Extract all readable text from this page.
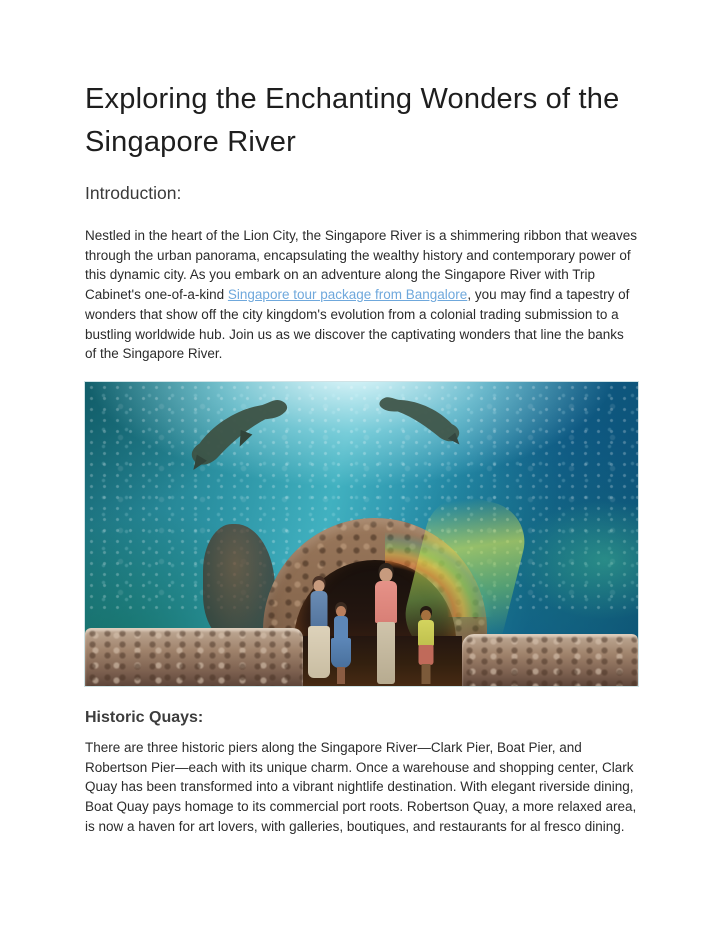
Exploring the Enchanting Wonders of the Singapore River
Introduction:

Nestled in the heart of the Lion City, the Singapore River is a shimmering ribbon that weaves through the urban panorama, encapsulating the wealthy history and contemporary power of this dynamic city. As you embark on an adventure along the Singapore River with Trip Cabinet's one-of-a-kind Singapore tour package from Bangalore, you may find a tapestry of wonders that show off the city kingdom's evolution from a colonial trading submission to a bustling worldwide hub. Join us as we discover the captivating wonders that line the banks of the Singapore River.

Historic Quays:

There are three historic piers along the Singapore River—Clark Pier, Boat Pier, and Robertson Pier—each with its unique charm. Once a warehouse and shopping center, Clark Quay has been transformed into a vibrant nightlife destination. With elegant riverside dining, Boat Quay pays homage to its commercial port roots. Robertson Quay, a more relaxed area, is now a haven for art lovers, with galleries, boutiques, and restaurants for al fresco dining.
